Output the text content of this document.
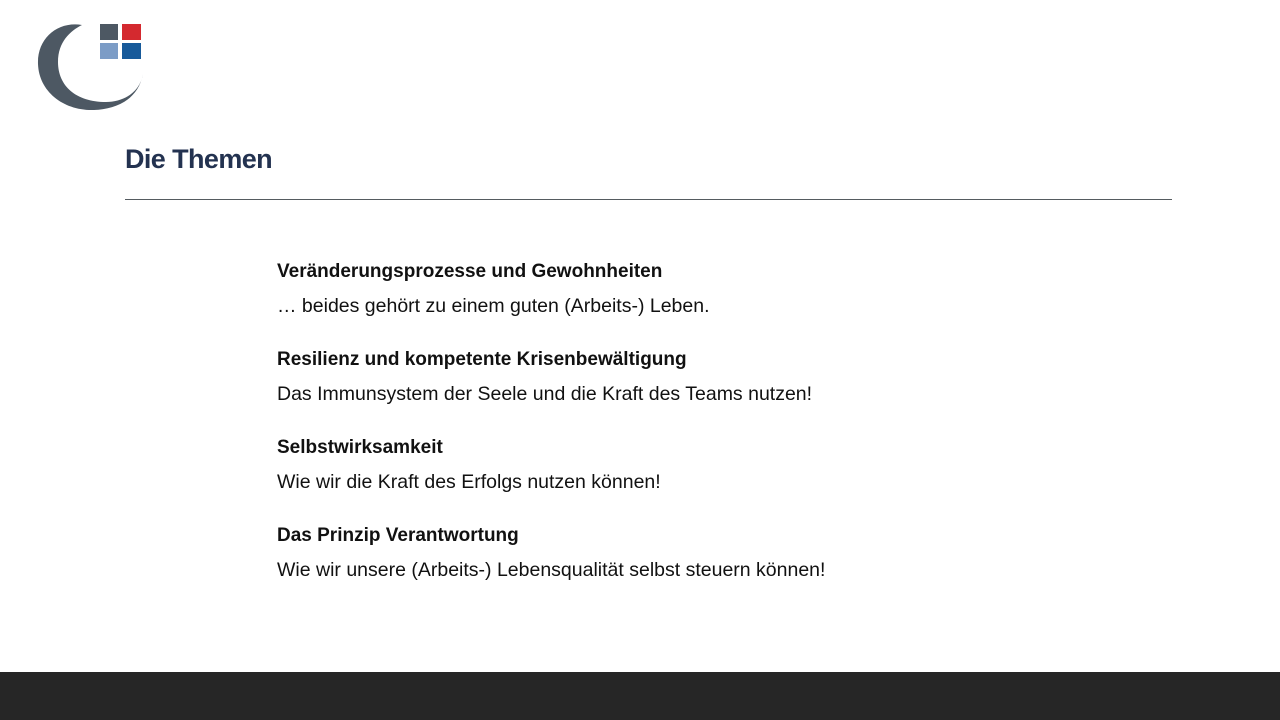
Die Themen
Veränderungsprozesse und Gewohnheiten
… beides gehört zu einem guten (Arbeits-) Leben.
Resilienz und kompetente Krisenbewältigung
Das Immunsystem der Seele und die Kraft des Teams nutzen!
Selbstwirksamkeit
Wie wir die Kraft des Erfolgs nutzen können!
Das Prinzip Verantwortung
Wie wir unsere (Arbeits-) Lebensqualität selbst steuern können!
